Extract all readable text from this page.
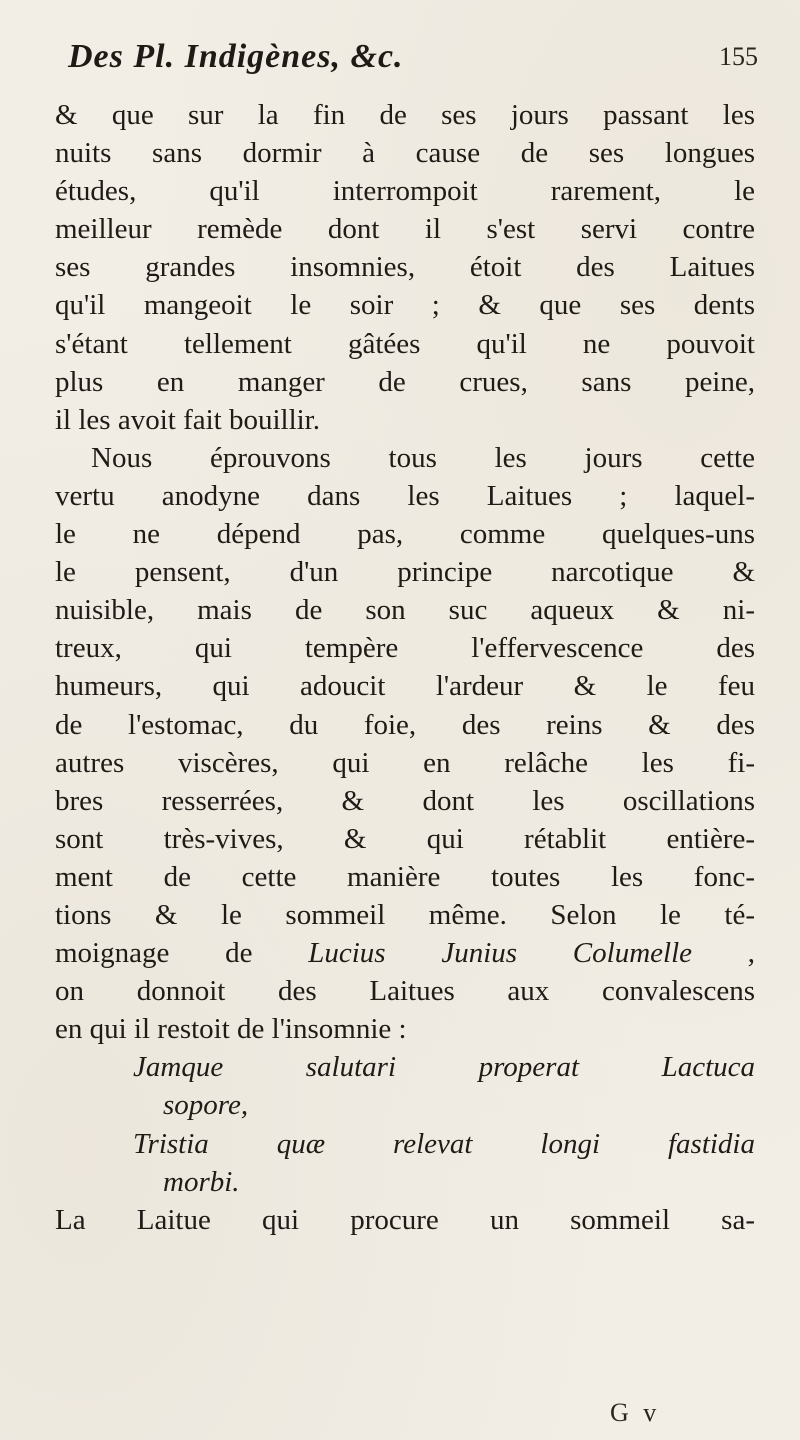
Des Pl. Indigènes, &c.	155
& que sur la fin de ses jours passant les
nuits sans dormir à cause de ses longues
études, qu'il interrompoit rarement, le
meilleur remède dont il s'est servi contre
ses grandes insomnies, étoit des Laitues
qu'il mangeoit le soir ; & que ses dents
s'étant tellement gâtées qu'il ne pouvoit
plus en manger de crues, sans peine,
il les avoit fait bouillir.
Nous éprouvons tous les jours cette
vertu anodyne dans les Laitues ; laquel-
le ne dépend pas, comme quelques-uns
le pensent, d'un principe narcotique &
nuisible, mais de son suc aqueux & ni-
treux, qui tempère l'effervescence des
humeurs, qui adoucit l'ardeur & le feu
de l'estomac, du foie, des reins & des
autres viscères, qui en relâche les fi-
bres resserrées, & dont les oscillations
sont très-vives, & qui rétablit entière-
ment de cette manière toutes les fonc-
tions & le sommeil même. Selon le té-
moignage de Lucius Junius Columelle ,
on donnoit des Laitues aux convalescens
en qui il restoit de l'insomnie :
Jamque salutari properat Lactuca
sopore,
Tristia quæ relevat longi fastidia
morbi.
La Laitue qui procure un sommeil sa-
G v
